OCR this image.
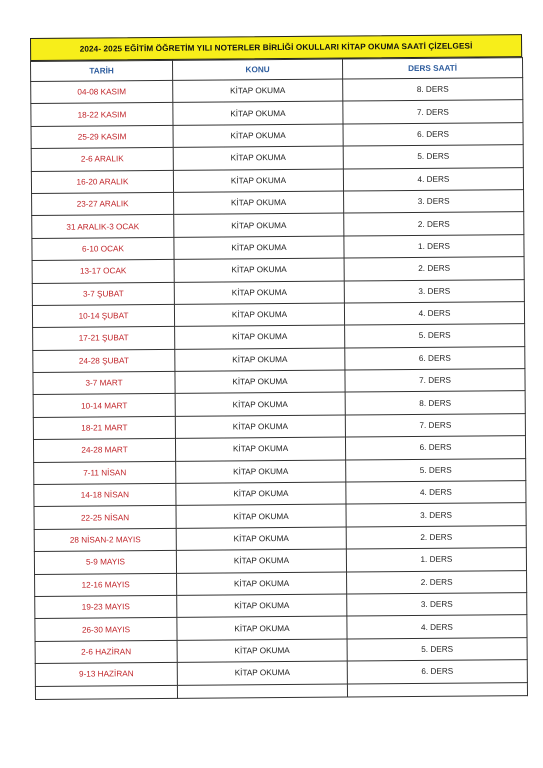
2024- 2025 EĞİTİM ÖĞRETİM YILI NOTERLER BİRLİĞİ OKULLARI KİTAP OKUMA SAATİ ÇİZELGESİ
TARİH	KONU	DERS SAATİ
04-08 KASIM	KİTAP OKUMA	8. DERS
18-22 KASIM	KİTAP OKUMA	7. DERS
25-29 KASIM	KİTAP OKUMA	6. DERS
2-6 ARALIK	KİTAP OKUMA	5. DERS
16-20 ARALIK	KİTAP OKUMA	4. DERS
23-27 ARALIK	KİTAP OKUMA	3. DERS
31 ARALIK-3 OCAK	KİTAP OKUMA	2. DERS
6-10 OCAK	KİTAP OKUMA	1. DERS
13-17 OCAK	KİTAP OKUMA	2. DERS
3-7 ŞUBAT	KİTAP OKUMA	3. DERS
10-14 ŞUBAT	KİTAP OKUMA	4. DERS
17-21 ŞUBAT	KİTAP OKUMA	5. DERS
24-28 ŞUBAT	KİTAP OKUMA	6. DERS
3-7 MART	KİTAP OKUMA	7. DERS
10-14 MART	KİTAP OKUMA	8. DERS
18-21 MART	KİTAP OKUMA	7. DERS
24-28 MART	KİTAP OKUMA	6. DERS
7-11 NİSAN	KİTAP OKUMA	5. DERS
14-18 NİSAN	KİTAP OKUMA	4. DERS
22-25 NİSAN	KİTAP OKUMA	3. DERS
28 NİSAN-2 MAYIS	KİTAP OKUMA	2. DERS
5-9 MAYIS	KİTAP OKUMA	1. DERS
12-16 MAYIS	KİTAP OKUMA	2. DERS
19-23 MAYIS	KİTAP OKUMA	3. DERS
26-30 MAYIS	KİTAP OKUMA	4. DERS
2-6 HAZİRAN	KİTAP OKUMA	5. DERS
9-13 HAZİRAN	KİTAP OKUMA	6. DERS
